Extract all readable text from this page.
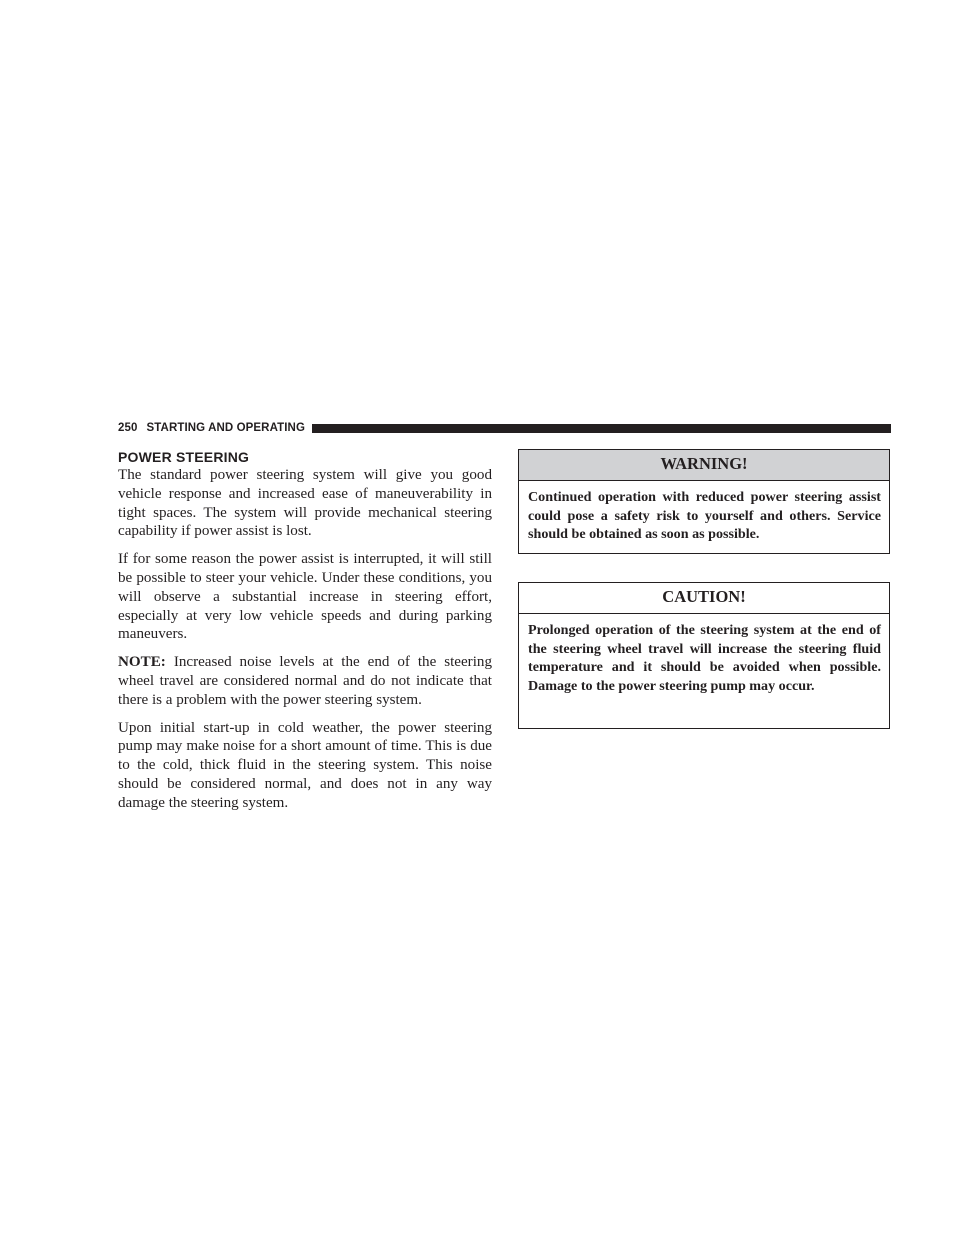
250 STARTING AND OPERATING
POWER STEERING

The standard power steering system will give you good vehicle response and increased ease of maneuverability in tight spaces. The system will provide mechanical steering capability if power assist is lost.

If for some reason the power assist is interrupted, it will still be possible to steer your vehicle. Under these conditions, you will observe a substantial increase in steering effort, especially at very low vehicle speeds and during parking maneuvers.

NOTE: Increased noise levels at the end of the steering wheel travel are considered normal and do not indicate that there is a problem with the power steering system.

Upon initial start-up in cold weather, the power steering pump may make noise for a short amount of time. This is due to the cold, thick fluid in the steering system. This noise should be considered normal, and does not in any way damage the steering system.

WARNING!

Continued operation with reduced power steering assist could pose a safety risk to yourself and others. Service should be obtained as soon as possible.

CAUTION!

Prolonged operation of the steering system at the end of the steering wheel travel will increase the steering fluid temperature and it should be avoided when possible. Damage to the power steering pump may occur.
